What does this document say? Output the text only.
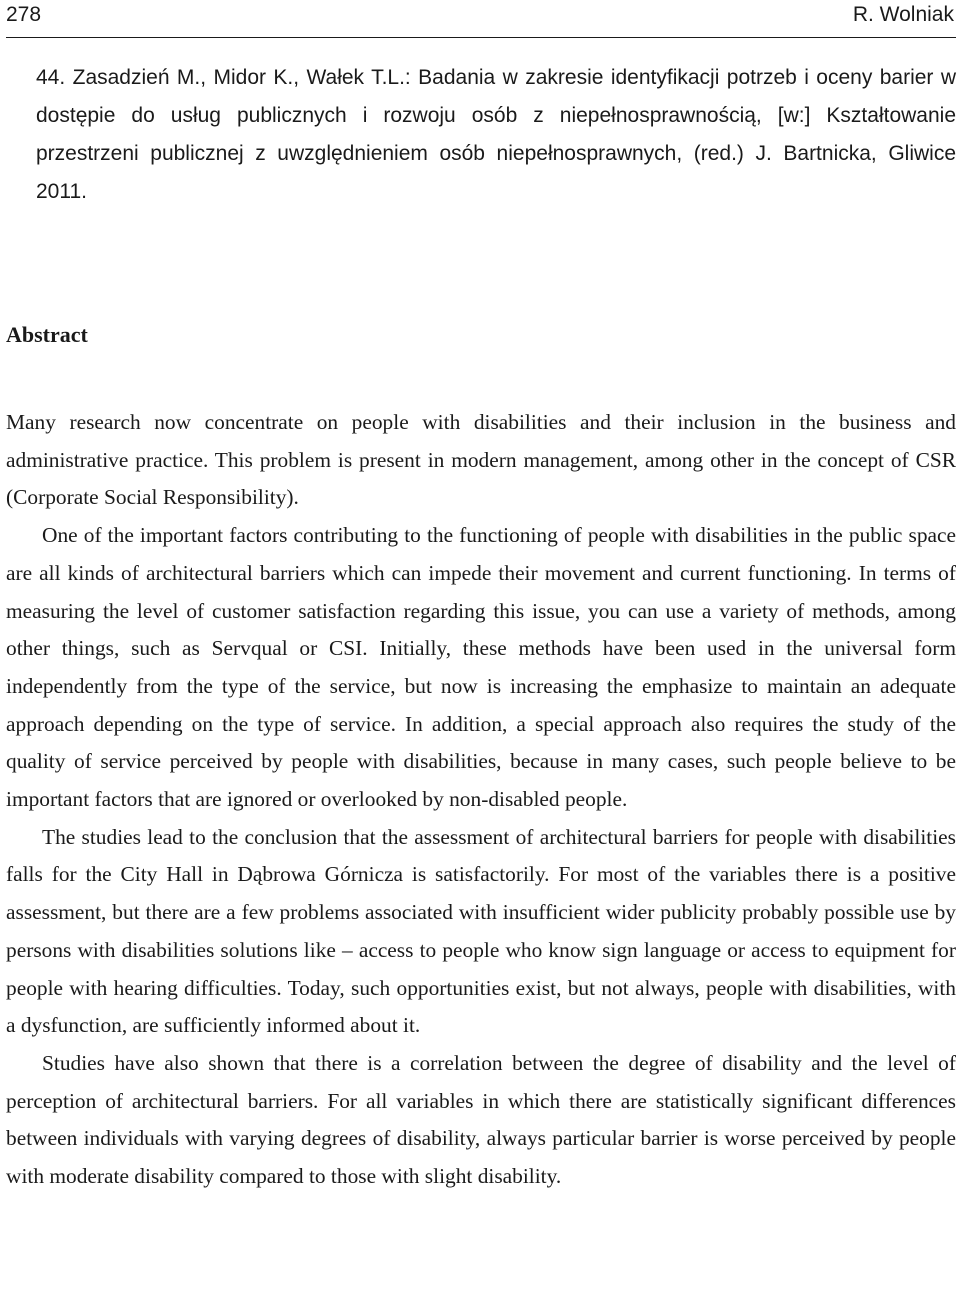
278	R. Wolniak

44. Zasadzień M., Midor K., Wałek T.L.: Badania w zakresie identyfikacji potrzeb i oceny barier w dostępie do usług publicznych i rozwoju osób z niepełnosprawnością, [w:] Kształtowanie przestrzeni publicznej z uwzględnieniem osób niepełnosprawnych, (red.) J. Bartnicka, Gliwice 2011.

Abstract

Many research now concentrate on people with disabilities and their inclusion in the business and administrative practice. This problem is present in modern management, among other in the concept of CSR (Corporate Social Responsibility).

One of the important factors contributing to the functioning of people with disabilities in the public space are all kinds of architectural barriers which can impede their movement and current functioning. In terms of measuring the level of customer satisfaction regarding this issue, you can use a variety of methods, among other things, such as Servqual or CSI. Initially, these methods have been used in the universal form independently from the type of the service, but now is increasing the emphasize to maintain an adequate approach depending on the type of service. In addition, a special approach also requires the study of the quality of service perceived by people with disabilities, because in many cases, such people believe to be important factors that are ignored or overlooked by non-disabled people.

The studies lead to the conclusion that the assessment of architectural barriers for people with disabilities falls for the City Hall in Dąbrowa Górnicza is satisfactorily. For most of the variables there is a positive assessment, but there are a few problems associated with insufficient wider publicity probably possible use by persons with disabilities solutions like – access to people who know sign language or access to equipment for people with hearing difficulties. Today, such opportunities exist, but not always, people with disabilities, with a dysfunction, are sufficiently informed about it.

Studies have also shown that there is a correlation between the degree of disability and the level of perception of architectural barriers. For all variables in which there are statistically significant differences between individuals with varying degrees of disability, always particular barrier is worse perceived by people with moderate disability compared to those with slight disability.
